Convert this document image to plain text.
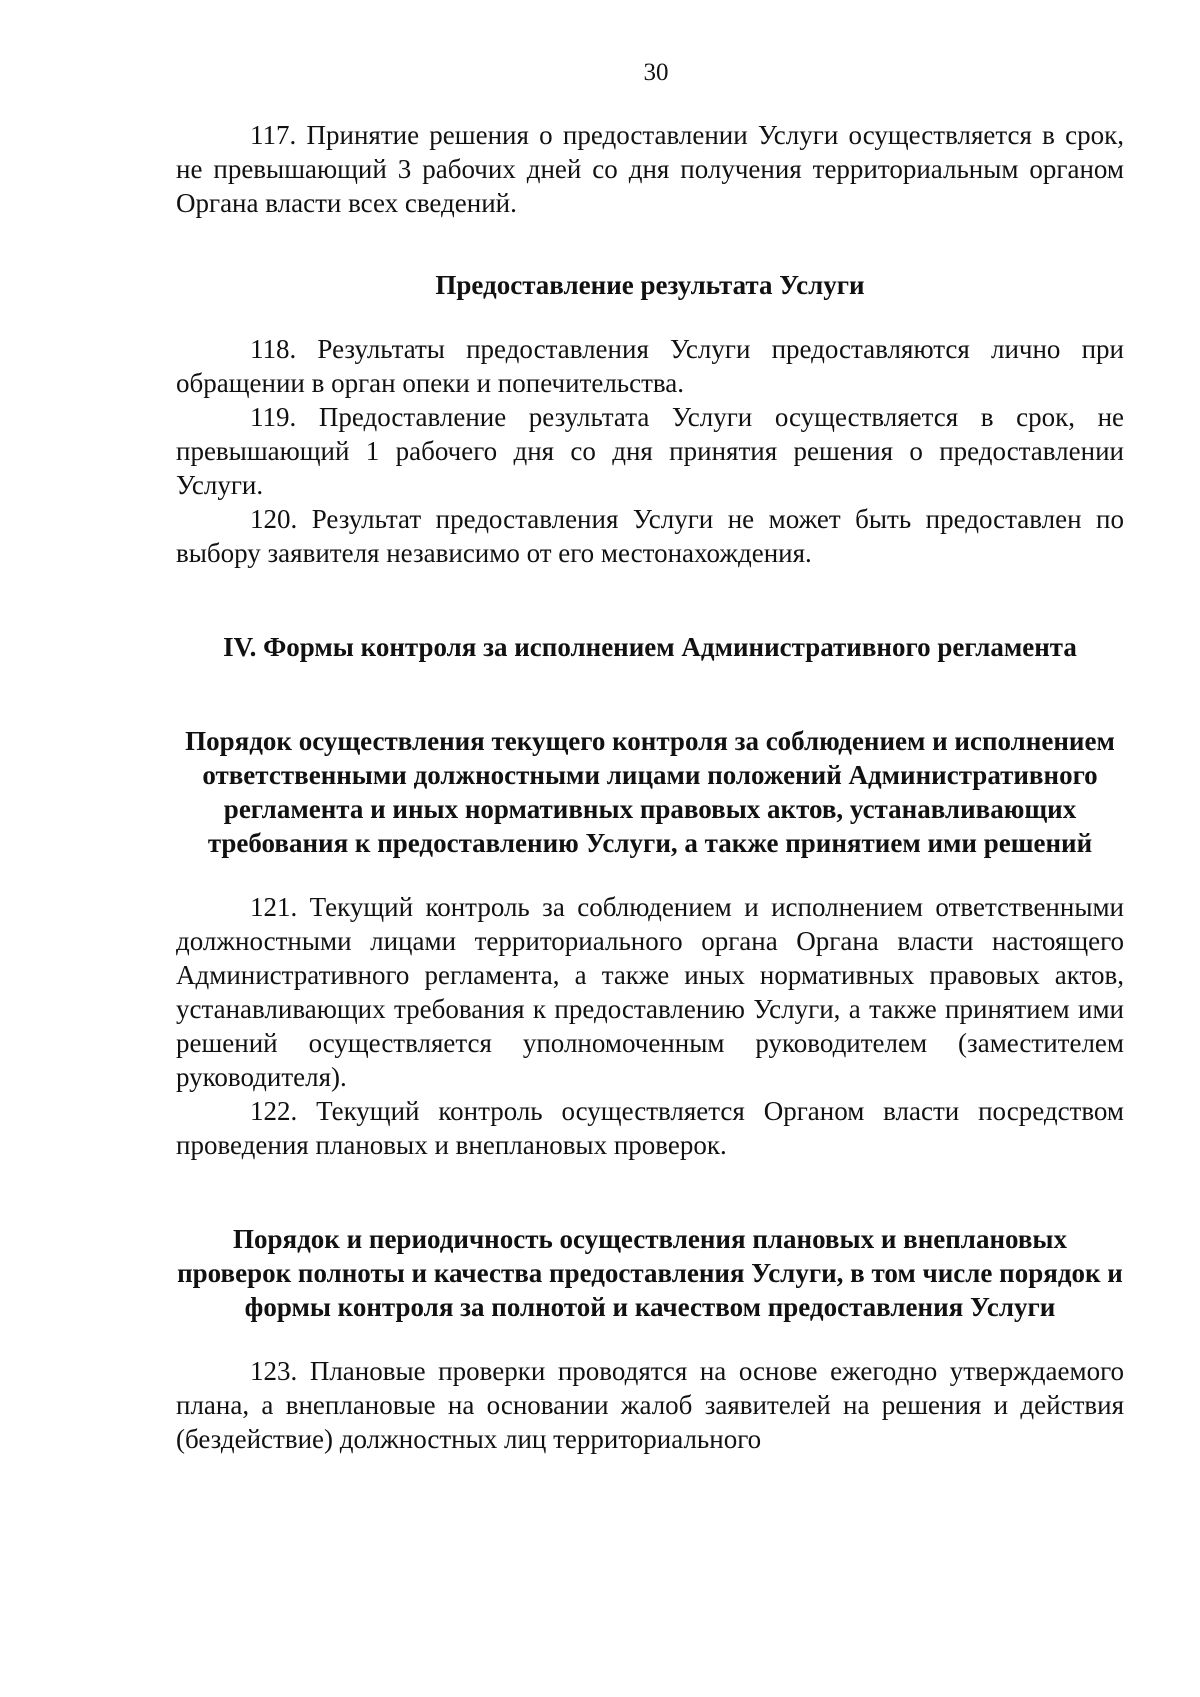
30

117. Принятие решения о предоставлении Услуги осуществляется в срок, не превышающий 3 рабочих дней со дня получения территориальным органом Органа власти всех сведений.

Предоставление результата Услуги

118. Результаты предоставления Услуги предоставляются лично при обращении в орган опеки и попечительства.

119. Предоставление результата Услуги осуществляется в срок, не превышающий 1 рабочего дня со дня принятия решения о предоставлении Услуги.

120. Результат предоставления Услуги не может быть предоставлен по выбору заявителя независимо от его местонахождения.

IV. Формы контроля за исполнением Административного регламента

Порядок осуществления текущего контроля за соблюдением и исполнением ответственными должностными лицами положений Административного регламента и иных нормативных правовых актов, устанавливающих требования к предоставлению Услуги, а также принятием ими решений

121. Текущий контроль за соблюдением и исполнением ответственными должностными лицами территориального органа Органа власти настоящего Административного регламента, а также иных нормативных правовых актов, устанавливающих требования к предоставлению Услуги, а также принятием ими решений осуществляется уполномоченным руководителем (заместителем руководителя).

122. Текущий контроль осуществляется Органом власти посредством проведения плановых и внеплановых проверок.

Порядок и периодичность осуществления плановых и внеплановых проверок полноты и качества предоставления Услуги, в том числе порядок и формы контроля за полнотой и качеством предоставления Услуги

123. Плановые проверки проводятся на основе ежегодно утверждаемого плана, а внеплановые на основании жалоб заявителей на решения и действия (бездействие) должностных лиц территориального
